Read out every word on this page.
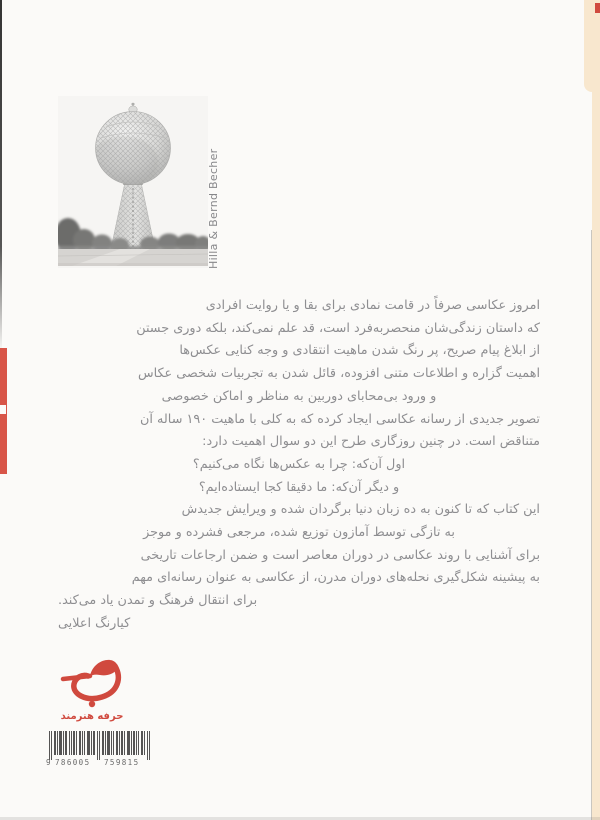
Hilla & Bernd Becher
امروز عکاسی صرفاً در قامت نمادی برای بقا و یا روایت افرادی
که داستان زندگی‌شان منحصربه‌فرد است، قد علم نمی‌کند، بلکه دوری جستن
از ابلاغ پیام صریح، پر رنگ شدن ماهیت انتقادی و وجه کنایی عکس‌ها
اهمیت گزاره و اطلاعات متنی افزوده، قائل شدن به تجربیات شخصی عکاس
و ورود بی‌محابای دوربین به مناظر و اماکن خصوصی
تصویر جدیدی از رسانه عکاسی ایجاد کرده که به کلی با ماهیت ۱۹۰ ساله آن
متناقض است. در چنین روزگاری طرح این دو سوال اهمیت دارد:
اول آن‌که: چرا به عکس‌ها نگاه می‌کنیم؟
و دیگر آن‌که: ما دقیقا کجا ایستاده‌ایم؟
این کتاب که تا کنون به ده زبان دنیا برگردان شده و ویرایش جدیدش
به تازگی توسط آمازون توزیع شده، مرجعی فشرده و موجز
برای آشنایی با روند عکاسی در دوران معاصر است و ضمن ارجاعات تاریخی
به پیشینه شکل‌گیری نحله‌های دوران مدرن، از عکاسی به عنوان رسانه‌ای مهم
برای انتقال فرهنگ و تمدن یاد می‌کند.
کیارنگ اعلایی
حرفه هنرمند
9 786005 759815
